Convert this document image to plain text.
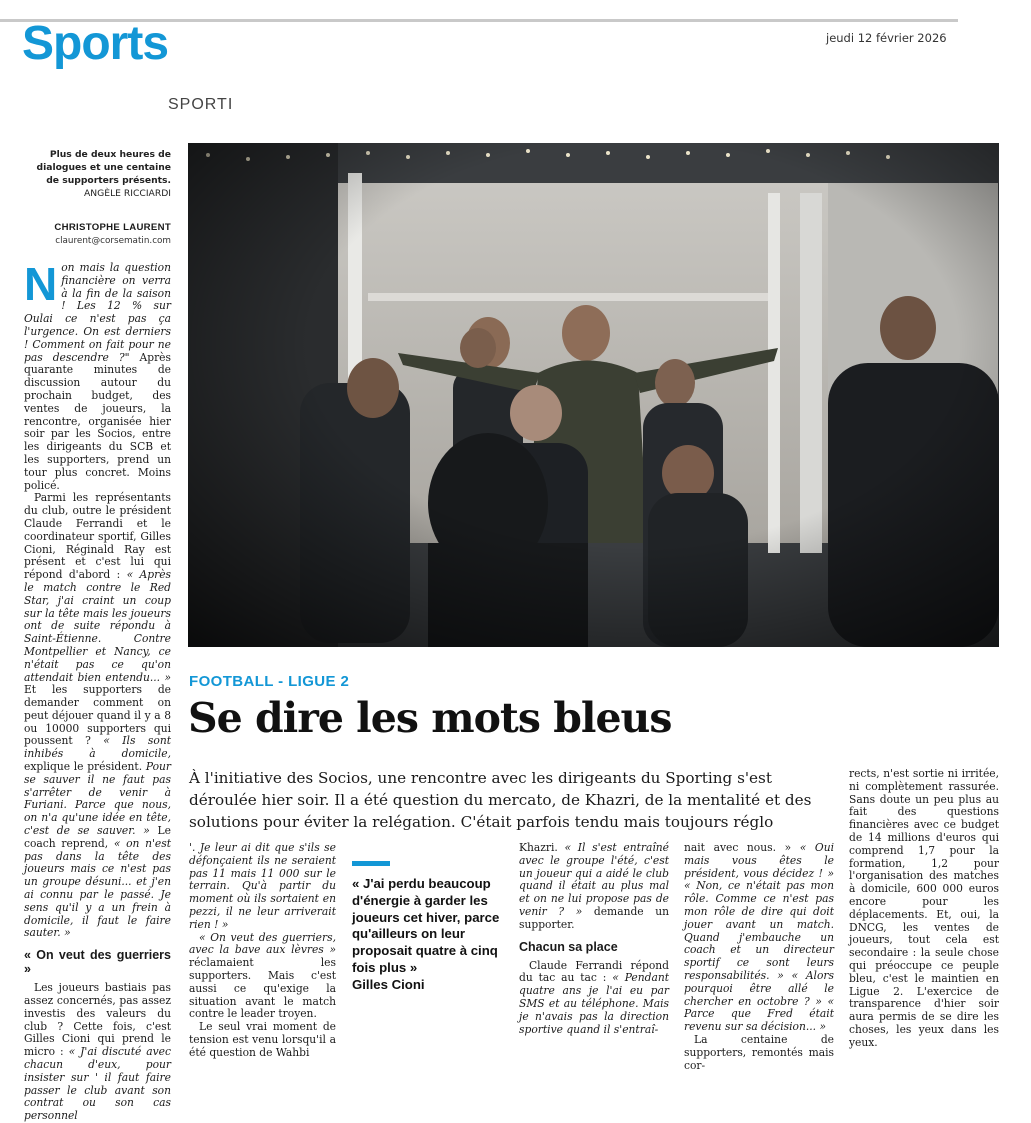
Sports
SPORTI
jeudi 12 février 2026
Plus de deux heures de dialogues et une centaine de supporters présents. ANGÈLE RICCIARDI
CHRISTOPHE LAURENT
claurent@corsematin.com

Non mais la question financière on verra à la fin de la saison ! Les 12 % sur Oulai ce n'est pas ça l'urgence. On est derniers ! Comment on fait pour ne pas descendre ?" Après quarante minutes de discussion autour du prochain budget, des ventes de joueurs, la rencontre, organisée hier soir par les Socios, entre les dirigeants du SCB et les supporters, prend un tour plus concret. Moins policé.

Parmi les représentants du club, outre le président Claude Ferrandi et le coordinateur sportif, Gilles Cioni, Réginald Ray est présent et c'est lui qui répond d'abord : « Après le match contre le Red Star, j'ai craint un coup sur la tête mais les joueurs ont de suite répondu à Saint-Étienne. Contre Montpellier et Nancy, ce n'était pas ce qu'on attendait bien entendu... » Et les supporters de demander comment on peut déjouer quand il y a 8 ou 10000 supporters qui poussent ? « Ils sont inhibés à domicile, explique le président. Pour se sauver il ne faut pas s'arrêter de venir à Furiani. Parce que nous, on n'a qu'une idée en tête, c'est de se sauver. » Le coach reprend, « on n'est pas dans la tête des joueurs mais ce n'est pas un groupe désuni... et j'en ai connu par le passé. Je sens qu'il y a un frein à domicile, il faut le faire sauter. »

« On veut des guerriers »

Les joueurs bastiais pas assez concernés, pas assez investis des valeurs du club ? Cette fois, c'est Gilles Cioni qui prend le micro : « J'ai discuté avec chacun d'eux, pour insister sur ' il faut faire passer le club avant son contrat ou son cas personnel

FOOTBALL - LIGUE 2
Se dire les mots bleus
À l'initiative des Socios, une rencontre avec les dirigeants du Sporting s'est déroulée hier soir. Il a été question du mercato, de Khazri, de la mentalité et des solutions pour éviter la relégation. C'était parfois tendu mais toujours réglo

'. Je leur ai dit que s'ils se défonçaient ils ne seraient pas 11 mais 11 000 sur le terrain. Qu'à partir du moment où ils sortaient en pezzi, il ne leur arriverait rien ! »

« On veut des guerriers, avec la bave aux lèvres » réclamaient les supporters. Mais c'est aussi ce qu'exige la situation avant le match contre le leader troyen.

Le seul vrai moment de tension est venu lorsqu'il a été question de Wahbi

« J'ai perdu beaucoup d'énergie à garder les joueurs cet hiver, parce qu'ailleurs on leur proposait quatre à cinq fois plus »
Gilles Cioni

Khazri. « Il s'est entraîné avec le groupe l'été, c'est un joueur qui a aidé le club quand il était au plus mal et on ne lui propose pas de venir ? » demande un supporter.

Chacun sa place

Claude Ferrandi répond du tac au tac : « Pendant quatre ans je l'ai eu par SMS et au téléphone. Mais je n'avais pas la direction sportive quand il s'entraî-

nait avec nous. » « Oui mais vous êtes le président, vous décidez ! » « Non, ce n'était pas mon rôle. Comme ce n'est pas mon rôle de dire qui doit jouer avant un match. Quand j'embauche un coach et un directeur sportif ce sont leurs responsabilités. » « Alors pourquoi être allé le chercher en octobre ? » « Parce que Fred était revenu sur sa décision... »

La centaine de supporters, remontés mais cor-

rects, n'est sortie ni irritée, ni complètement rassurée. Sans doute un peu plus au fait des questions financières avec ce budget de 14 millions d'euros qui comprend 1,7 pour la formation, 1,2 pour l'organisation des matches à domicile, 600 000 euros encore pour les déplacements. Et, oui, la DNCG, les ventes de joueurs, tout cela est secondaire : la seule chose qui préoccupe ce peuple bleu, c'est le maintien en Ligue 2. L'exercice de transparence d'hier soir aura permis de se dire les choses, les yeux dans les yeux.
